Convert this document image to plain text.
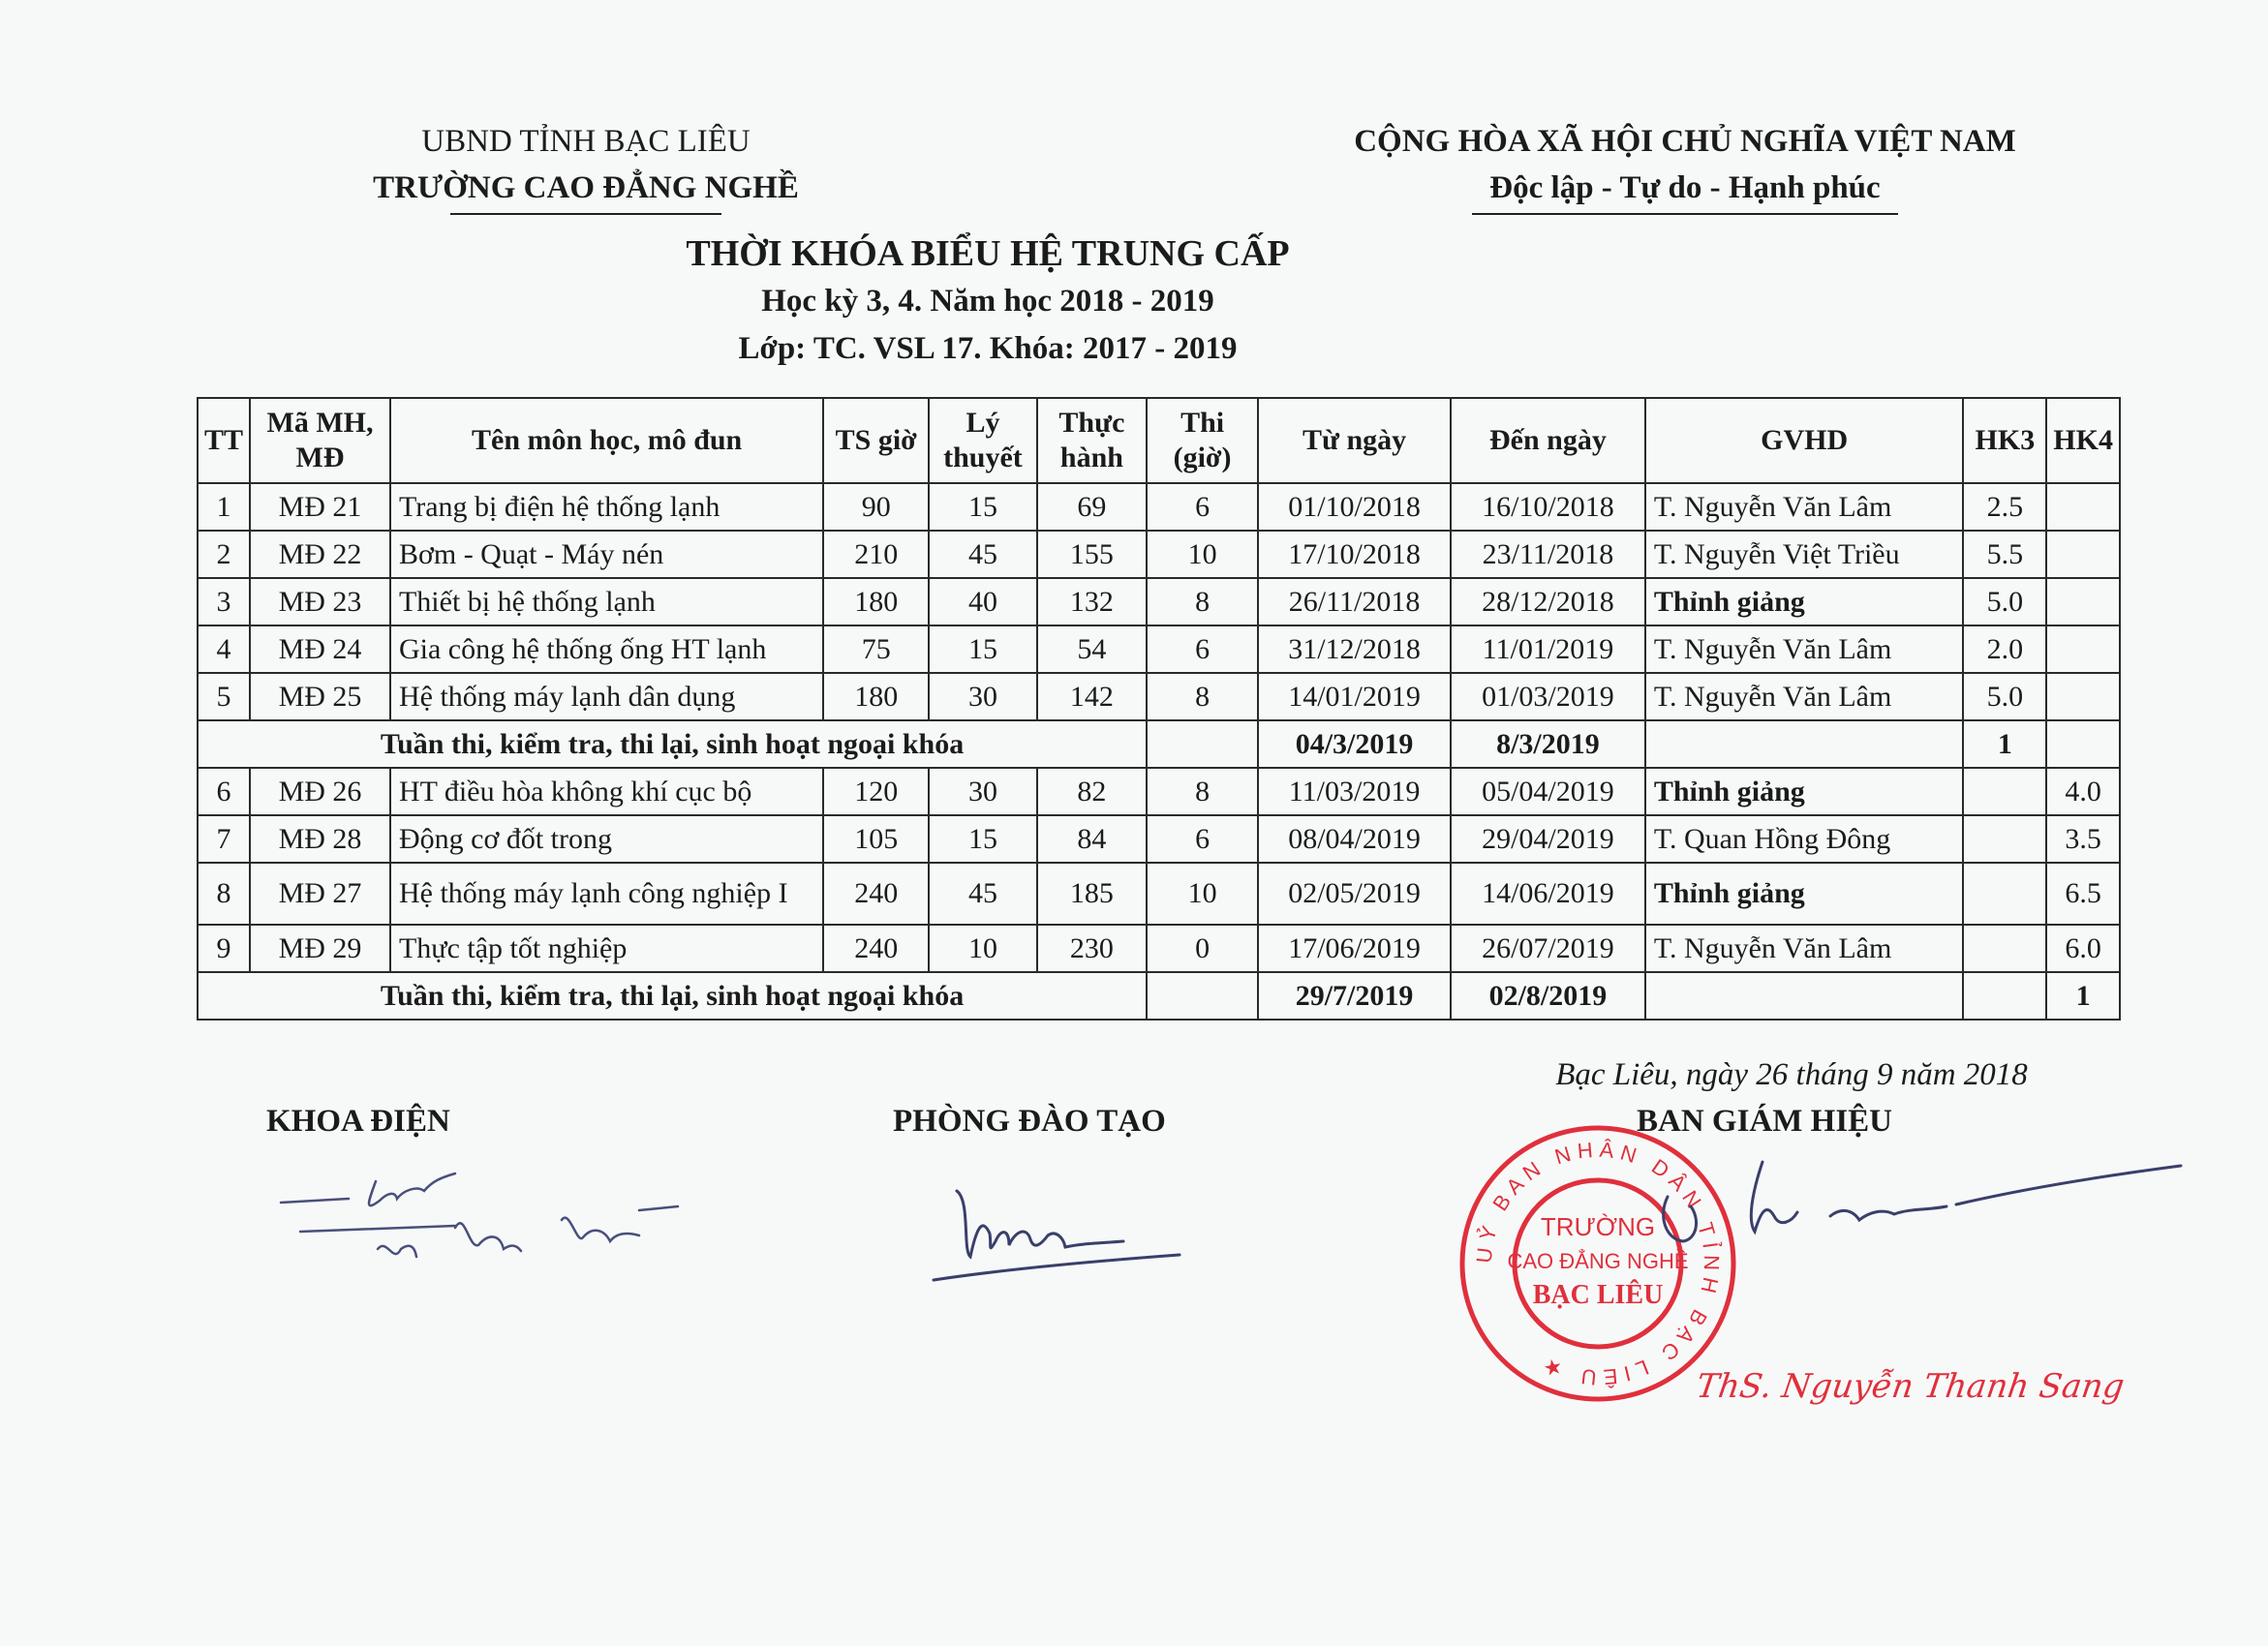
UBND TỈNH BẠC LIÊU
TRƯỜNG CAO ĐẲNG NGHỀ
CỘNG HÒA XÃ HỘI CHỦ NGHĨA VIỆT NAM
Độc lập - Tự do - Hạnh phúc
THỜI KHÓA BIỂU HỆ TRUNG CẤP
Học kỳ 3, 4. Năm học 2018 - 2019
Lớp: TC. VSL 17. Khóa: 2017 - 2019
TT	Mã MH, MĐ	Tên môn học, mô đun	TS giờ	Lý thuyết	Thực hành	Thi (giờ)	Từ ngày	Đến ngày	GVHD	HK3	HK4
1	MĐ 21	Trang bị điện hệ thống lạnh	90	15	69	6	01/10/2018	16/10/2018	T. Nguyễn Văn Lâm	2.5	
2	MĐ 22	Bơm - Quạt - Máy nén	210	45	155	10	17/10/2018	23/11/2018	T. Nguyễn Việt Triều	5.5	
3	MĐ 23	Thiết bị hệ thống lạnh	180	40	132	8	26/11/2018	28/12/2018	Thỉnh giảng	5.0	
4	MĐ 24	Gia công hệ thống ống HT lạnh	75	15	54	6	31/12/2018	11/01/2019	T. Nguyễn Văn Lâm	2.0	
5	MĐ 25	Hệ thống máy lạnh dân dụng	180	30	142	8	14/01/2019	01/03/2019	T. Nguyễn Văn Lâm	5.0	
Tuần thi, kiểm tra, thi lại, sinh hoạt ngoại khóa							04/3/2019	8/3/2019		1	
6	MĐ 26	HT điều hòa không khí cục bộ	120	30	82	8	11/03/2019	05/04/2019	Thỉnh giảng		4.0
7	MĐ 28	Động cơ đốt trong	105	15	84	6	08/04/2019	29/04/2019	T. Quan Hồng Đông		3.5
8	MĐ 27	Hệ thống máy lạnh công nghiệp I	240	45	185	10	02/05/2019	14/06/2019	Thỉnh giảng		6.5
9	MĐ 29	Thực tập tốt nghiệp	240	10	230	0	17/06/2019	26/07/2019	T. Nguyễn Văn Lâm		6.0
Tuần thi, kiểm tra, thi lại, sinh hoạt ngoại khóa							29/7/2019	02/8/2019			1
Bạc Liêu, ngày 26 tháng 9 năm 2018
KHOA ĐIỆN	PHÒNG ĐÀO TẠO	BAN GIÁM HIỆU
UỶ BAN NHÂN DÂN TỈNH BẠC LIÊU ★
TRƯỜNG
CAO ĐẲNG NGHỀ
BẠC LIÊU
ThS. Nguyễn Thanh Sang
